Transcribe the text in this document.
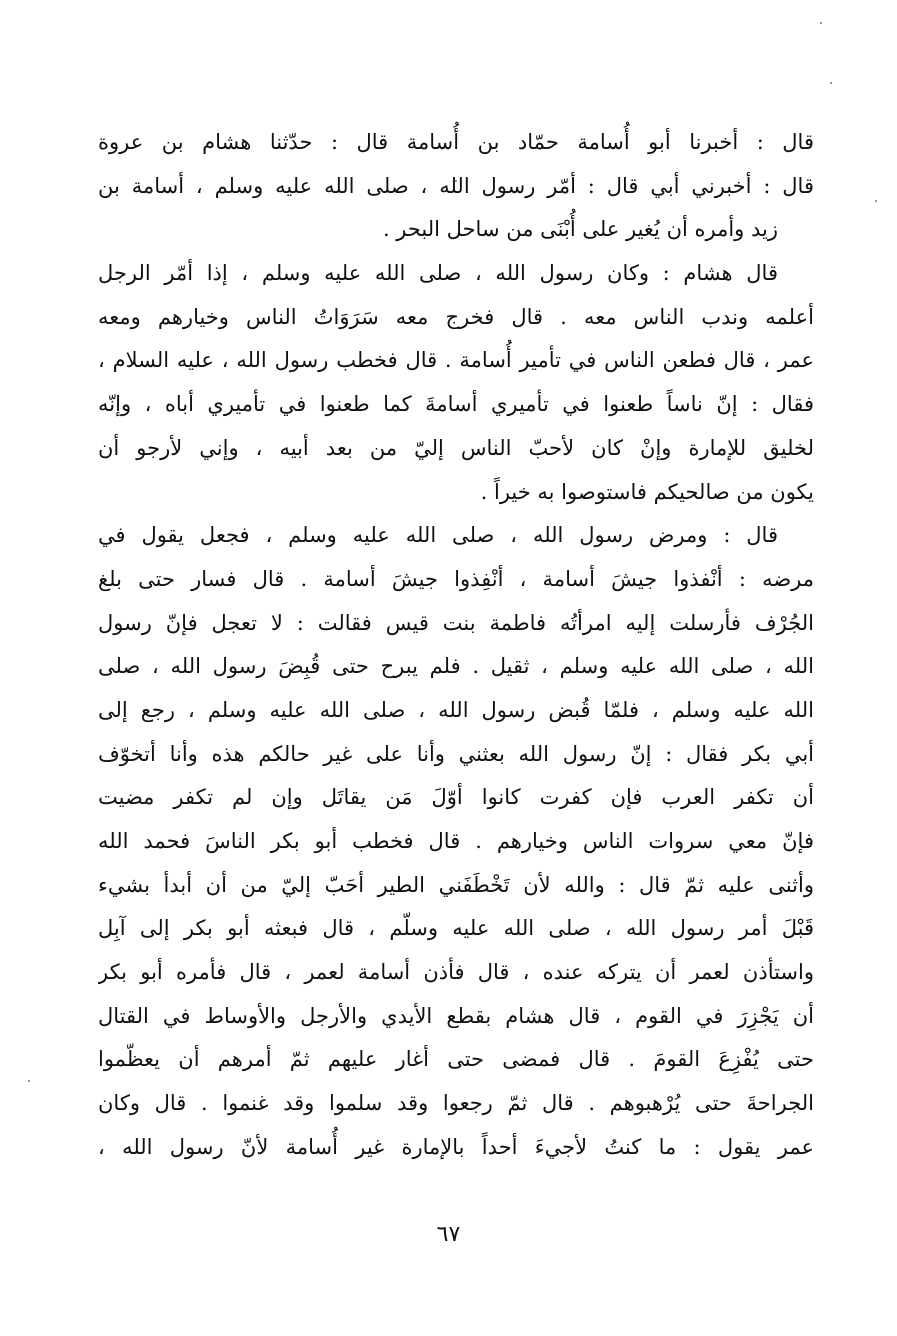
قال : أخبرنا أبو أُسامة حمّاد بن أُسامة قال : حدّثنا هشام بن عروة
قال : أخبرني أبي قال : أمّر رسول الله ، صلى الله عليه وسلم ، أسامة بن
زيد وأمره أن يُغير على أُبْنَى من ساحل البحر .
قال هشام : وكان رسول الله ، صلى الله عليه وسلم ، إذا أمّر الرجل
أعلمه وندب الناس معه . قال فخرج معه سَرَوَاتُ الناس وخيارهم ومعه
عمر ، قال فطعن الناس في تأمير أُسامة . قال فخطب رسول الله ، عليه السلام ،
فقال : إنّ ناساً طعنوا في تأميري أسامةَ كما طعنوا في تأميري أباه ، وإنّه
لخليق للإمارة وإنْ كان لأحبّ الناس إليّ من بعد أبيه ، وإني لأرجو أن
يكون من صالحيكم فاستوصوا به خيراً .
قال : ومرض رسول الله ، صلى الله عليه وسلم ، فجعل يقول في
مرضه : أنْفذوا جيشَ أسامة ، أنْفِذوا جيشَ أسامة . قال فسار حتى بلغ
الجُرْف فأرسلت إليه امرأتُه فاطمة بنت قيس فقالت : لا تعجل فإنّ رسول
الله ، صلى الله عليه وسلم ، ثقيل . فلم يبرح حتى قُبِضَ رسول الله ، صلى
الله عليه وسلم ، فلمّا قُبض رسول الله ، صلى الله عليه وسلم ، رجع إلى
أبي بكر فقال : إنّ رسول الله بعثني وأنا على غير حالكم هذه وأنا أتخوّف
أن تكفر العرب فإن كفرت كانوا أوّلَ مَن يقاتَل وإن لم تكفر مضيت
فإنّ معي سروات الناس وخيارهم . قال فخطب أبو بكر الناسَ فحمد الله
وأثنى عليه ثمّ قال : والله لأن تَخْطَفَني الطير أحَبّ إليّ من أن أبدأ بشيء
قَبْلَ أمر رسول الله ، صلى الله عليه وسلّم ، قال فبعثه أبو بكر إلى آبِل
واستأذن لعمر أن يتركه عنده ، قال فأذن أسامة لعمر ، قال فأمره أبو بكر
أن يَجْزِرَ في القوم ، قال هشام بقطع الأيدي والأرجل والأوساط في القتال
حتى يُفْزِعَ القومَ . قال فمضى حتى أغار عليهم ثمّ أمرهم أن يعظّموا
الجراحةَ حتى يُرْهبوهم . قال ثمّ رجعوا وقد سلموا وقد غنموا . قال وكان
عمر يقول : ما كنتُ لأجيءَ أحداً بالإمارة غير أُسامة لأنّ رسول الله ،
٦٧
